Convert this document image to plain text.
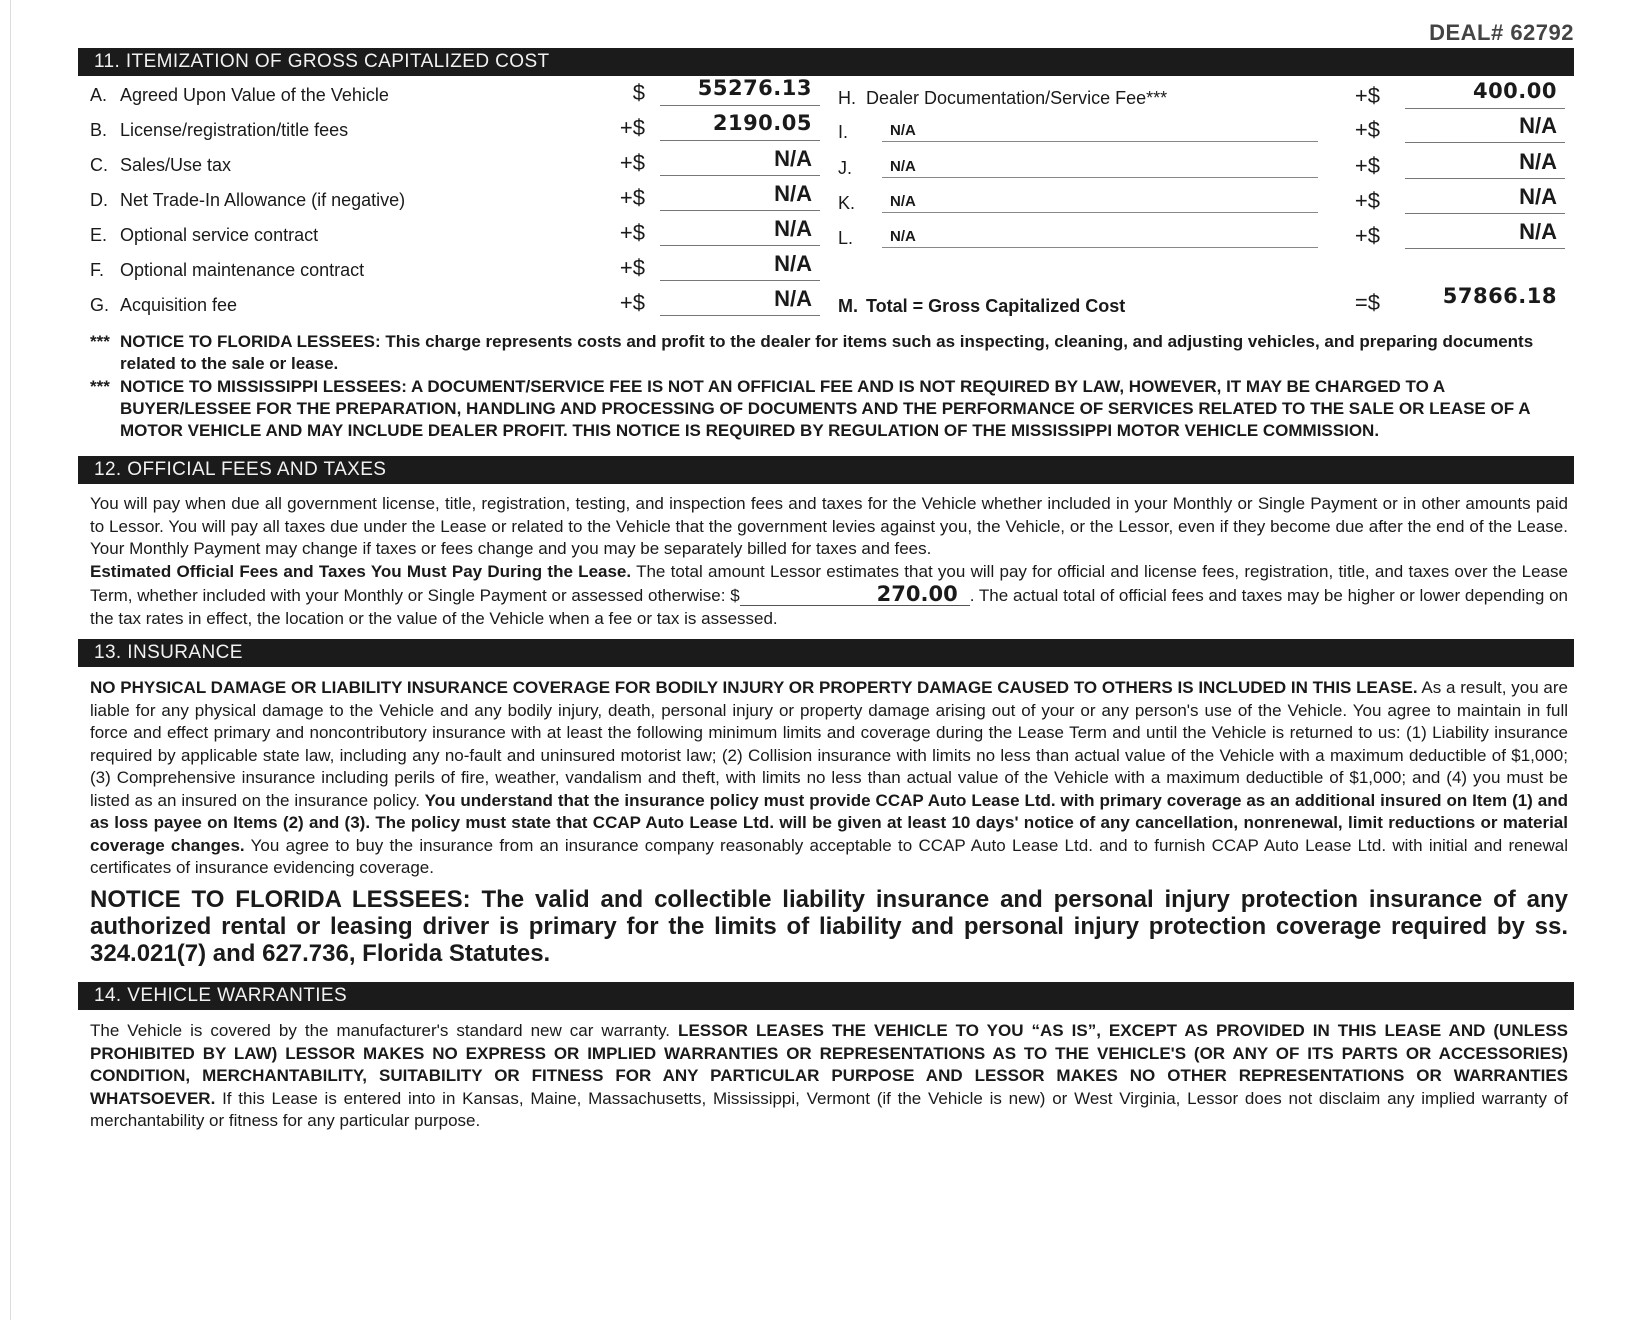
DEAL# 62792
11. ITEMIZATION OF GROSS CAPITALIZED COST
A. Agreed Upon Value of the Vehicle	$	55276.13
B. License/registration/title fees	+$	2190.05
C. Sales/Use tax	+$	N/A
D. Net Trade-In Allowance (if negative)	+$	N/A
E. Optional service contract	+$	N/A
F. Optional maintenance contract	+$	N/A
G. Acquisition fee	+$	N/A
H. Dealer Documentation/Service Fee***	+$	400.00
I.	N/A	+$	N/A
J.	N/A	+$	N/A
K.	N/A	+$	N/A
L.	N/A	+$	N/A
M. Total = Gross Capitalized Cost	=$	57866.18
*** NOTICE TO FLORIDA LESSEES: This charge represents costs and profit to the dealer for items such as inspecting, cleaning, and adjusting vehicles, and preparing documents related to the sale or lease.
*** NOTICE TO MISSISSIPPI LESSEES: A DOCUMENT/SERVICE FEE IS NOT AN OFFICIAL FEE AND IS NOT REQUIRED BY LAW, HOWEVER, IT MAY BE CHARGED TO A BUYER/LESSEE FOR THE PREPARATION, HANDLING AND PROCESSING OF DOCUMENTS AND THE PERFORMANCE OF SERVICES RELATED TO THE SALE OR LEASE OF A MOTOR VEHICLE AND MAY INCLUDE DEALER PROFIT. THIS NOTICE IS REQUIRED BY REGULATION OF THE MISSISSIPPI MOTOR VEHICLE COMMISSION.
12. OFFICIAL FEES AND TAXES
You will pay when due all government license, title, registration, testing, and inspection fees and taxes for the Vehicle whether included in your Monthly or Single Payment or in other amounts paid to Lessor. You will pay all taxes due under the Lease or related to the Vehicle that the government levies against you, the Vehicle, or the Lessor, even if they become due after the end of the Lease. Your Monthly Payment may change if taxes or fees change and you may be separately billed for taxes and fees.
Estimated Official Fees and Taxes You Must Pay During the Lease. The total amount Lessor estimates that you will pay for official and license fees, registration, title, and taxes over the Lease Term, whether included with your Monthly or Single Payment or assessed otherwise: $	270.00 . The actual total of official fees and taxes may be higher or lower depending on the tax rates in effect, the location or the value of the Vehicle when a fee or tax is assessed.
13. INSURANCE
NO PHYSICAL DAMAGE OR LIABILITY INSURANCE COVERAGE FOR BODILY INJURY OR PROPERTY DAMAGE CAUSED TO OTHERS IS INCLUDED IN THIS LEASE. As a result, you are liable for any physical damage to the Vehicle and any bodily injury, death, personal injury or property damage arising out of your or any person's use of the Vehicle. You agree to maintain in full force and effect primary and noncontributory insurance with at least the following minimum limits and coverage during the Lease Term and until the Vehicle is returned to us: (1) Liability insurance required by applicable state law, including any no-fault and uninsured motorist law; (2) Collision insurance with limits no less than actual value of the Vehicle with a maximum deductible of $1,000; (3) Comprehensive insurance including perils of fire, weather, vandalism and theft, with limits no less than actual value of the Vehicle with a maximum deductible of $1,000; and (4) you must be listed as an insured on the insurance policy. You understand that the insurance policy must provide CCAP Auto Lease Ltd. with primary coverage as an additional insured on Item (1) and as loss payee on Items (2) and (3). The policy must state that CCAP Auto Lease Ltd. will be given at least 10 days' notice of any cancellation, nonrenewal, limit reductions or material coverage changes. You agree to buy the insurance from an insurance company reasonably acceptable to CCAP Auto Lease Ltd. and to furnish CCAP Auto Lease Ltd. with initial and renewal certificates of insurance evidencing coverage.
NOTICE TO FLORIDA LESSEES: The valid and collectible liability insurance and personal injury protection insurance of any authorized rental or leasing driver is primary for the limits of liability and personal injury protection coverage required by ss. 324.021(7) and 627.736, Florida Statutes.
14. VEHICLE WARRANTIES
The Vehicle is covered by the manufacturer's standard new car warranty. LESSOR LEASES THE VEHICLE TO YOU “AS IS”, EXCEPT AS PROVIDED IN THIS LEASE AND (UNLESS PROHIBITED BY LAW) LESSOR MAKES NO EXPRESS OR IMPLIED WARRANTIES OR REPRESENTATIONS AS TO THE VEHICLE'S (OR ANY OF ITS PARTS OR ACCESSORIES) CONDITION, MERCHANTABILITY, SUITABILITY OR FITNESS FOR ANY PARTICULAR PURPOSE AND LESSOR MAKES NO OTHER REPRESENTATIONS OR WARRANTIES WHATSOEVER. If this Lease is entered into in Kansas, Maine, Massachusetts, Mississippi, Vermont (if the Vehicle is new) or West Virginia, Lessor does not disclaim any implied warranty of merchantability or fitness for any particular purpose.
